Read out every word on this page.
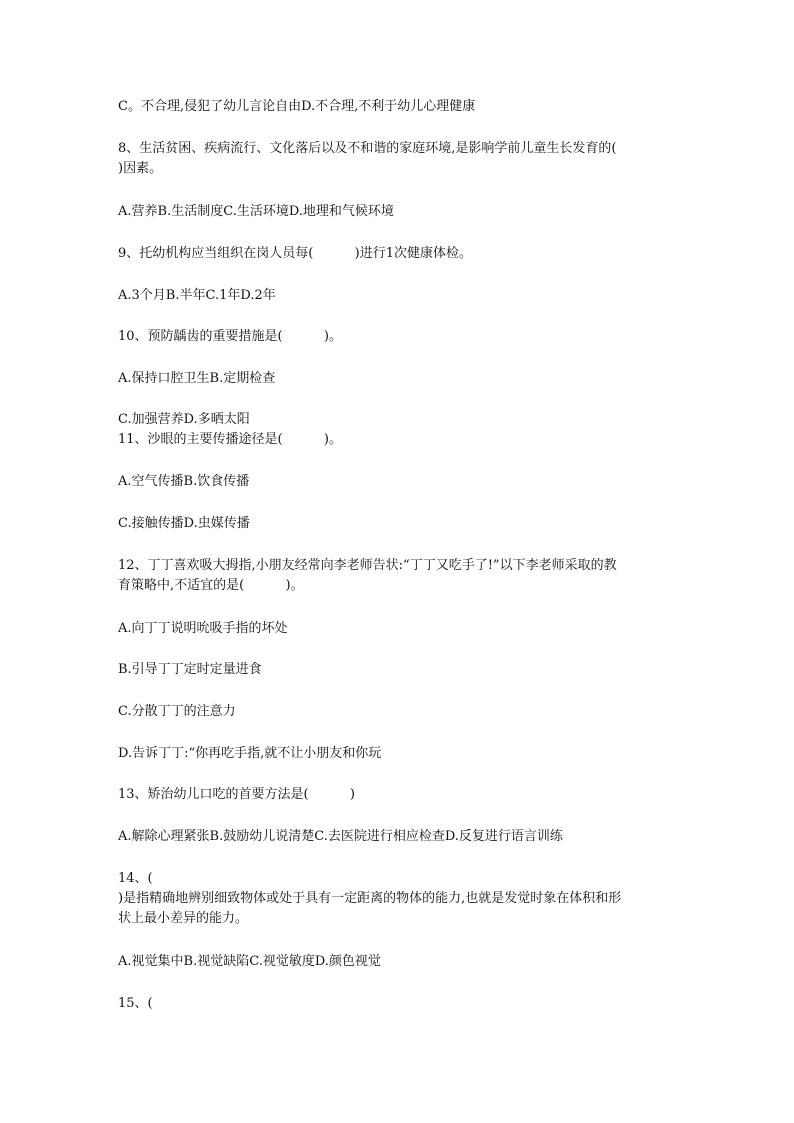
C。不合理,侵犯了幼儿言论自由D.不合理,不利于幼儿心理健康
8、生活贫困、疾病流行、文化落后以及不和谐的家庭环境,是影响学前儿童生长发育的(
)因素。
A.营养B.生活制度C.生活环境D.地理和气候环境
9、托幼机构应当组织在岗人员每(          )进行1次健康体检。
A.3个月B.半年C.1年D.2年
10、预防龋齿的重要措施是(          )。
A.保持口腔卫生B.定期检查
C.加强营养D.多晒太阳
11、沙眼的主要传播途径是(          )。
A.空气传播B.饮食传播
C.接触传播D.虫媒传播
12、丁丁喜欢吸大拇指,小朋友经常向李老师告状:“丁丁又吃手了!”以下李老师采取的教
育策略中,不适宜的是(          )。
A.向丁丁说明吮吸手指的坏处
B.引导丁丁定时定量进食
C.分散丁丁的注意力
D.告诉丁丁:“你再吃手指,就不让小朋友和你玩
13、矫治幼儿口吃的首要方法是(          )
A.解除心理紧张B.鼓励幼儿说清楚C.去医院进行相应检查D.反复进行语言训练
14、(
)是指精确地辨别细致物体或处于具有一定距离的物体的能力,也就是发觉时象在体积和形
状上最小差异的能力。
A.视觉集中B.视觉缺陷C.视觉敏度D.颜色视觉
15、(
